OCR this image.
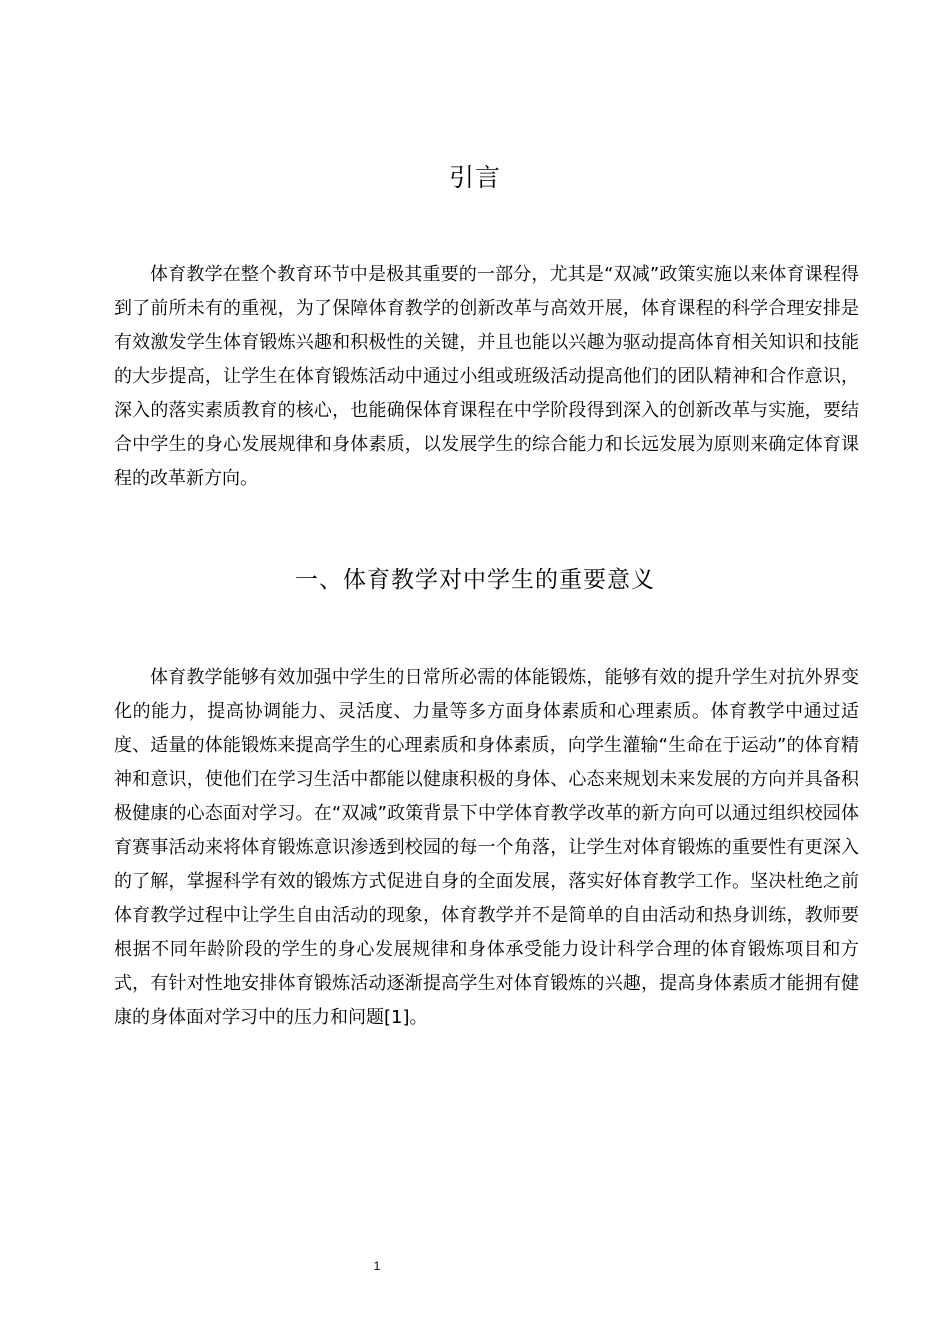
引言

体育教学在整个教育环节中是极其重要的一部分，尤其是“双减”政策实施以来体育课程得到了前所未有的重视，为了保障体育教学的创新改革与高效开展，体育课程的科学合理安排是有效激发学生体育锻炼兴趣和积极性的关键，并且也能以兴趣为驱动提高体育相关知识和技能的大步提高，让学生在体育锻炼活动中通过小组或班级活动提高他们的团队精神和合作意识，深入的落实素质教育的核心，也能确保体育课程在中学阶段得到深入的创新改革与实施，要结合中学生的身心发展规律和身体素质，以发展学生的综合能力和长远发展为原则来确定体育课程的改革新方向。

一、体育教学对中学生的重要意义

体育教学能够有效加强中学生的日常所必需的体能锻炼，能够有效的提升学生对抗外界变化的能力，提高协调能力、灵活度、力量等多方面身体素质和心理素质。体育教学中通过适度、适量的体能锻炼来提高学生的心理素质和身体素质，向学生灌输“生命在于运动”的体育精神和意识，使他们在学习生活中都能以健康积极的身体、心态来规划未来发展的方向并具备积极健康的心态面对学习。在“双减”政策背景下中学体育教学改革的新方向可以通过组织校园体育赛事活动来将体育锻炼意识渗透到校园的每一个角落，让学生对体育锻炼的重要性有更深入的了解，掌握科学有效的锻炼方式促进自身的全面发展，落实好体育教学工作。坚决杜绝之前体育教学过程中让学生自由活动的现象，体育教学并不是简单的自由活动和热身训练，教师要根据不同年龄阶段的学生的身心发展规律和身体承受能力设计科学合理的体育锻炼项目和方式，有针对性地安排体育锻炼活动逐渐提高学生对体育锻炼的兴趣，提高身体素质才能拥有健康的身体面对学习中的压力和问题[1]。

1
